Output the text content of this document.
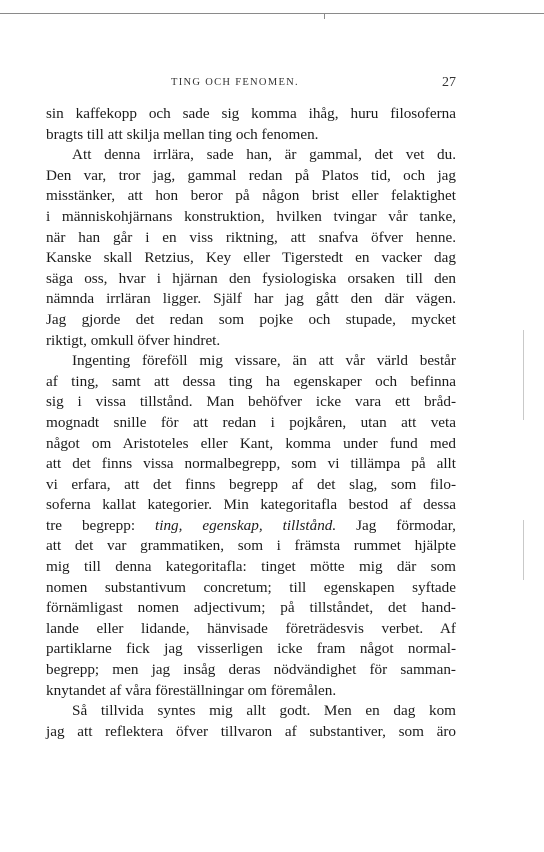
TING OCH FENOMEN.	27
sin kaffekopp och sade sig komma ihåg, huru filosoferna
bragts till att skilja mellan ting och fenomen.
Att denna irrlära, sade han, är gammal, det vet du.
Den var, tror jag, gammal redan på Platos tid, och jag
misstänker, att hon beror på någon brist eller felaktighet
i människohjärnans konstruktion, hvilken tvingar vår tanke,
när han går i en viss riktning, att snafva öfver henne.
Kanske skall Retzius, Key eller Tigerstedt en vacker dag
säga oss, hvar i hjärnan den fysiologiska orsaken till den
nämnda irrläran ligger. Själf har jag gått den där vägen.
Jag gjorde det redan som pojke och stupade, mycket
riktigt, omkull öfver hindret.
Ingenting föreföll mig vissare, än att vår värld består
af ting, samt att dessa ting ha egenskaper och befinna
sig i vissa tillstånd. Man behöfver icke vara ett bråd-
mognadt snille för att redan i pojkåren, utan att veta
något om Aristoteles eller Kant, komma under fund med
att det finns vissa normalbegrepp, som vi tillämpa på allt
vi erfara, att det finns begrepp af det slag, som filo-
soferna kallat kategorier. Min kategoritafla bestod af dessa
tre begrepp: ting, egenskap, tillstånd. Jag förmodar,
att det var grammatiken, som i främsta rummet hjälpte
mig till denna kategoritafla: tinget mötte mig där som
nomen substantivum concretum; till egenskapen syftade
förnämligast nomen adjectivum; på tillståndet, det hand-
lande eller lidande, hänvisade företrädesvis verbet. Af
partiklarne fick jag visserligen icke fram något normal-
begrepp; men jag insåg deras nödvändighet för samman-
knytandet af våra föreställningar om föremålen.
Så tillvida syntes mig allt godt. Men en dag kom
jag att reflektera öfver tillvaron af substantiver, som äro
